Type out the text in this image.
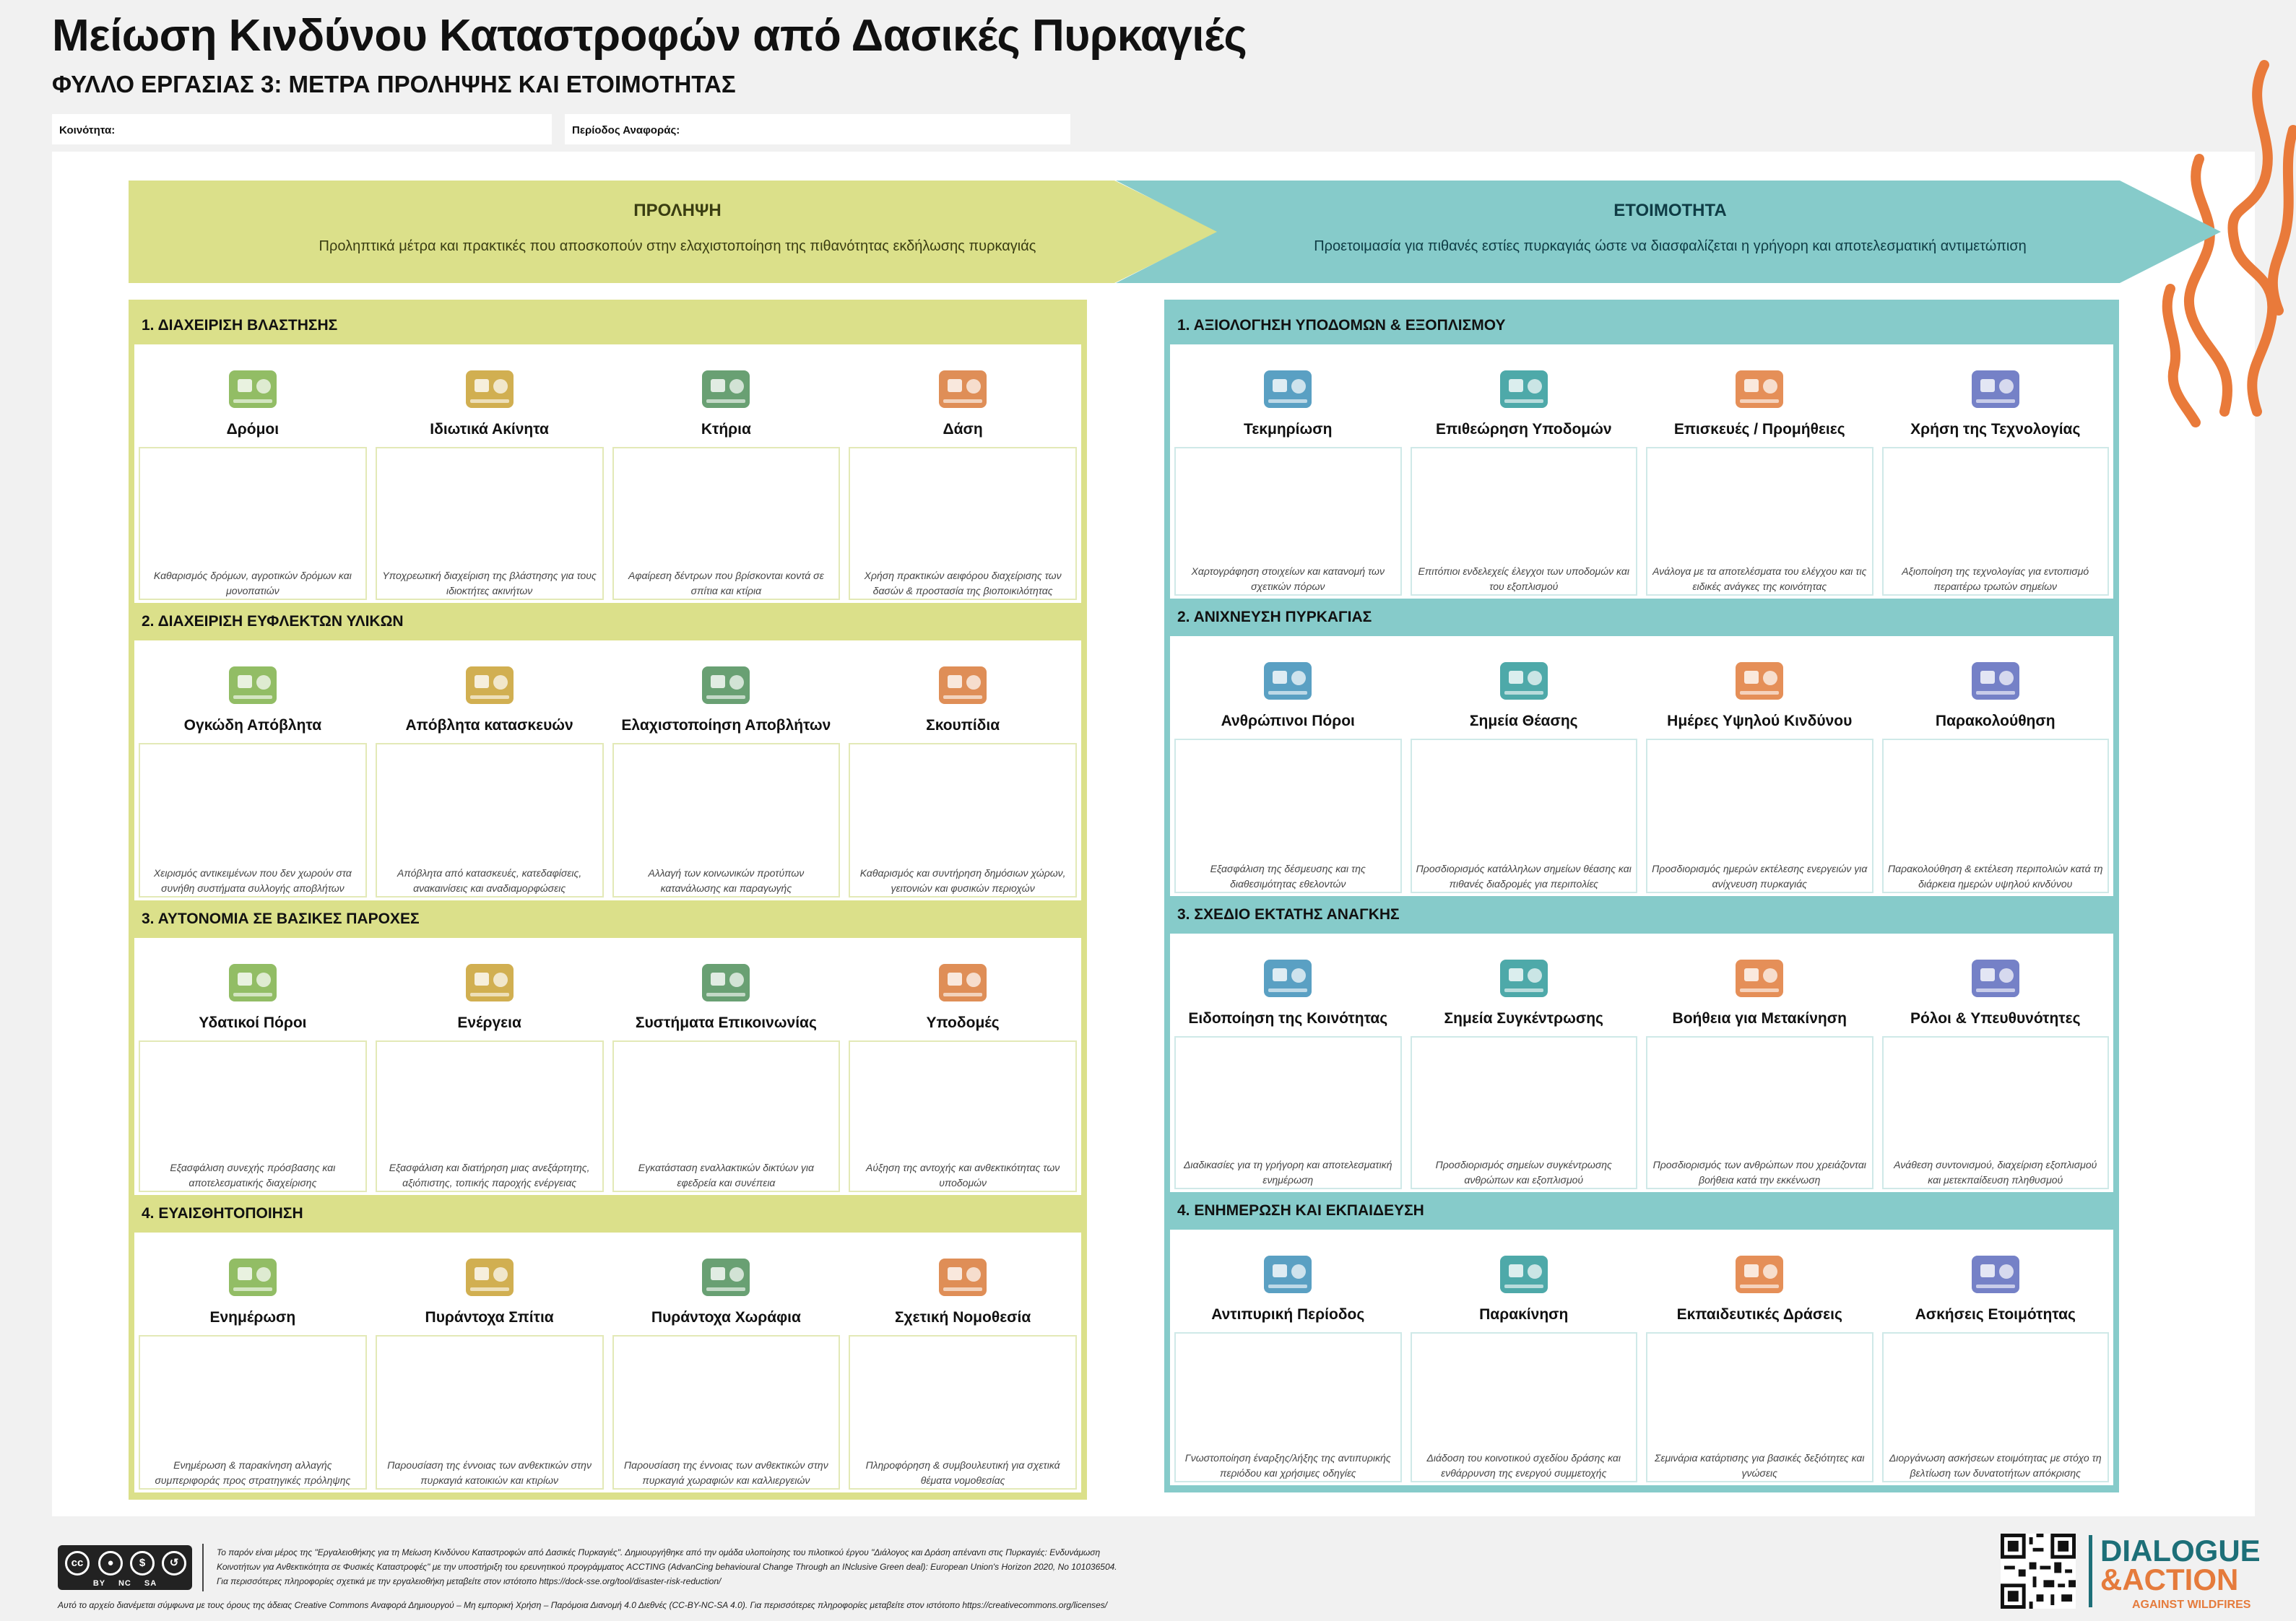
Μείωση Κινδύνου Καταστροφών από Δασικές Πυρκαγιές
ΦΥΛΛΟ ΕΡΓΑΣΙΑΣ 3: ΜΕΤΡΑ ΠΡΟΛΗΨΗΣ ΚΑΙ ΕΤΟΙΜΟΤΗΤΑΣ
Κοινότητα:	Περίοδος Αναφοράς:
ΠΡΟΛΗΨΗ
Προληπτικά μέτρα και πρακτικές που αποσκοπούν στην ελαχιστοποίηση της πιθανότητας εκδήλωσης πυρκαγιάς
ΕΤΟΙΜΟΤΗΤΑ
Προετοιμασία για πιθανές εστίες πυρκαγιάς ώστε να διασφαλίζεται η γρήγορη και αποτελεσματική αντιμετώπιση
1. ΔΙΑΧΕΙΡΙΣΗ ΒΛΑΣΤΗΣΗΣ
Δρόμοι
Καθαρισμός δρόμων, αγροτικών δρόμων και μονοπατιών
Ιδιωτικά Ακίνητα
Υποχρεωτική διαχείριση της βλάστησης για τους ιδιοκτήτες ακινήτων
Κτήρια
Αφαίρεση δέντρων που βρίσκονται κοντά σε σπίτια και κτίρια
Δάση
Χρήση πρακτικών αειφόρου διαχείρισης των δασών & προστασία της βιοποικιλότητας
2. ΔΙΑΧΕΙΡΙΣΗ ΕΥΦΛΕΚΤΩΝ ΥΛΙΚΩΝ
Ογκώδη Απόβλητα
Χειρισμός αντικειμένων που δεν χωρούν στα συνήθη συστήματα συλλογής αποβλήτων
Απόβλητα κατασκευών
Απόβλητα από κατασκευές, κατεδαφίσεις, ανακαινίσεις και αναδιαμορφώσεις
Ελαχιστοποίηση Αποβλήτων
Αλλαγή των κοινωνικών προτύπων κατανάλωσης και παραγωγής
Σκουπίδια
Καθαρισμός και συντήρηση δημόσιων χώρων, γειτονιών και φυσικών περιοχών
3. ΑΥΤΟΝΟΜΙΑ ΣΕ ΒΑΣΙΚΕΣ ΠΑΡΟΧΕΣ
Υδατικοί Πόροι
Εξασφάλιση συνεχής πρόσβασης και αποτελεσματικής διαχείρισης
Ενέργεια
Εξασφάλιση και διατήρηση μιας ανεξάρτητης, αξιόπιστης, τοπικής παροχής ενέργειας
Συστήματα Επικοινωνίας
Εγκατάσταση εναλλακτικών δικτύων για εφεδρεία και συνέπεια
Υποδομές
Αύξηση της αντοχής και ανθεκτικότητας των υποδομών
4. ΕΥΑΙΣΘΗΤΟΠΟΙΗΣΗ
Ενημέρωση
Ενημέρωση & παρακίνηση αλλαγής συμπεριφοράς προς στρατηγικές πρόληψης
Πυράντοχα Σπίτια
Παρουσίαση της έννοιας των ανθεκτικών στην πυρκαγιά κατοικιών και κτιρίων
Πυράντοχα Χωράφια
Παρουσίαση της έννοιας των ανθεκτικών στην πυρκαγιά χωραφιών και καλλιεργειών
Σχετική Νομοθεσία
Πληροφόρηση & συμβουλευτική για σχετικά θέματα νομοθεσίας
1. ΑΞΙΟΛΟΓΗΣΗ ΥΠΟΔΟΜΩΝ & ΕΞΟΠΛΙΣΜΟΥ
Τεκμηρίωση
Χαρτογράφηση στοιχείων και κατανομή των σχετικών πόρων
Επιθεώρηση Υποδομών
Επιτόπιοι ενδελεχείς έλεγχοι των υποδομών και του εξοπλισμού
Επισκευές / Προμήθειες
Ανάλογα με τα αποτελέσματα του ελέγχου και τις ειδικές ανάγκες της κοινότητας
Χρήση της Τεχνολογίας
Αξιοποίηση της τεχνολογίας για εντοπισμό περαιτέρω τρωτών σημείων
2. ΑΝΙΧΝΕΥΣΗ ΠΥΡΚΑΓΙΑΣ
Ανθρώπινοι Πόροι
Εξασφάλιση της δέσμευσης και της διαθεσιμότητας εθελοντών
Σημεία Θέασης
Προσδιορισμός κατάλληλων σημείων θέασης και πιθανές διαδρομές για περιπολίες
Ημέρες Υψηλού Κινδύνου
Προσδιορισμός ημερών εκτέλεσης ενεργειών για ανίχνευση πυρκαγιάς
Παρακολούθηση
Παρακολούθηση & εκτέλεση περιπολιών κατά τη διάρκεια ημερών υψηλού κινδύνου
3. ΣΧΕΔΙΟ ΕΚΤΑΤΗΣ ΑΝΑΓΚΗΣ
Ειδοποίηση της Κοινότητας
Διαδικασίες για τη γρήγορη και αποτελεσματική ενημέρωση
Σημεία Συγκέντρωσης
Προσδιορισμός σημείων συγκέντρωσης ανθρώπων και εξοπλισμού
Βοήθεια για Μετακίνηση
Προσδιορισμός των ανθρώπων που χρειάζονται βοήθεια κατά την εκκένωση
Ρόλοι & Υπευθυνότητες
Ανάθεση συντονισμού, διαχείριση εξοπλισμού και μετεκπαίδευση πληθυσμού
4. ΕΝΗΜΕΡΩΣΗ ΚΑΙ ΕΚΠΑΙΔΕΥΣΗ
Αντιπυρική Περίοδος
Γνωστοποίηση έναρξης/λήξης της αντιπυρικής περιόδου και χρήσιμες οδηγίες
Παρακίνηση
Διάδοση του κοινοτικού σχεδίου δράσης και ενθάρρυνση της ενεργού συμμετοχής
Εκπαιδευτικές Δράσεις
Σεμινάρια κατάρτισης για βασικές δεξιότητες και γνώσεις
Ασκήσεις Ετοιμότητας
Διοργάνωση ασκήσεων ετοιμότητας με στόχο τη βελτίωση των δυνατοτήτων απόκρισης
cc	●	$	↺
BY NC SA
Το παρόν είναι μέρος της "Εργαλειοθήκης για τη Μείωση Κινδύνου Καταστροφών από Δασικές Πυρκαγιές". Δημιουργήθηκε από την ομάδα υλοποίησης του πιλοτικού έργου "Διάλογος και Δράση απέναντι στις Πυρκαγιές: Ενδυνάμωση
Κοινοτήτων για Ανθεκτικότητα σε Φυσικές Καταστροφές" με την υποστήριξη του ερευνητικού προγράμματος ACCTING (AdvanCing behavioural Change Through an INclusive Green deal): European Union's Horizon 2020, No 101036504.
Για περισσότερες πληροφορίες σχετικά με την εργαλειοθήκη μεταβείτε στον ιστότοπο https://dock-sse.org/tool/disaster-risk-reduction/
Αυτό το αρχείο διανέμεται σύμφωνα με τους όρους της άδειας Creative Commons Αναφορά Δημιουργού – Μη εμπορική Χρήση – Παρόμοια Διανομή 4.0 Διεθνές (CC-BY-NC-SA 4.0). Για περισσότερες πληροφορίες μεταβείτε στον ιστότοπο https://creativecommons.org/licenses/
DIALOGUE
&ACTION
AGAINST WILDFIRES
